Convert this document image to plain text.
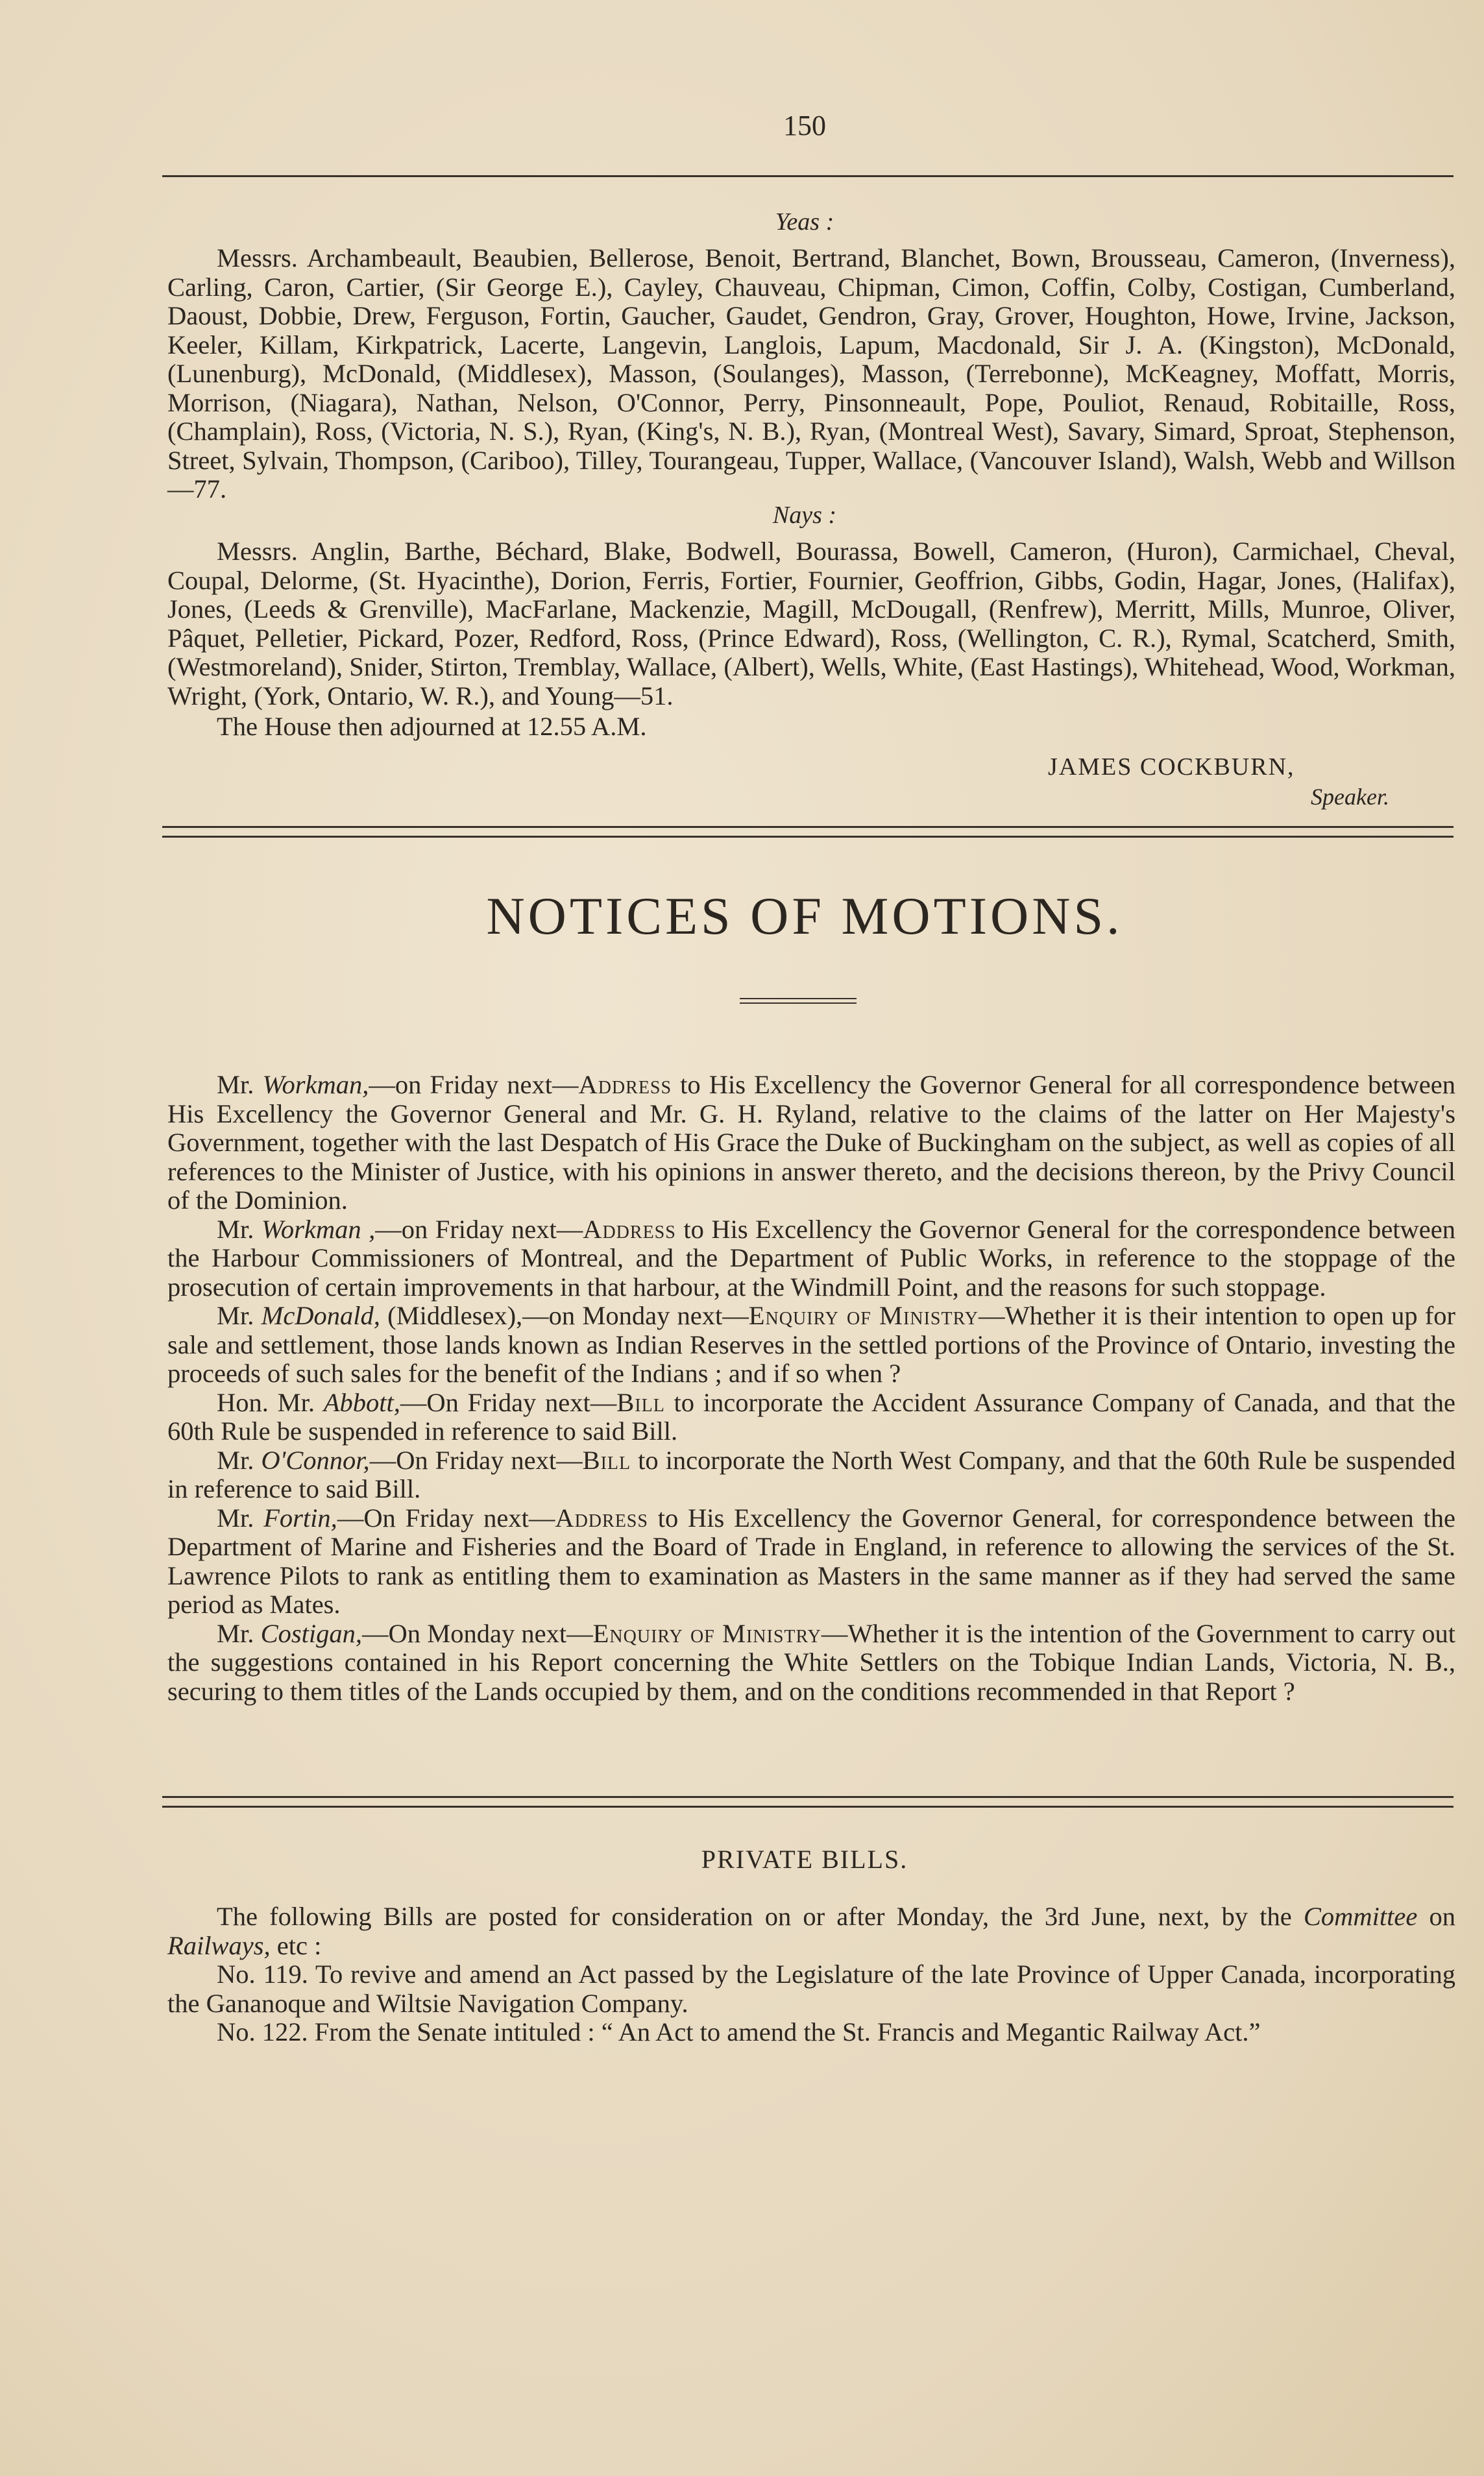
150
Yeas :
Messrs. Archambeault, Beaubien, Bellerose, Benoit, Bertrand, Blanchet, Bown, Brousseau, Cameron, (Inverness), Carling, Caron, Cartier, (Sir George E.), Cayley, Chauveau, Chipman, Cimon, Coffin, Colby, Costigan, Cumberland, Daoust, Dobbie, Drew, Ferguson, Fortin, Gaucher, Gaudet, Gendron, Gray, Grover, Houghton, Howe, Irvine, Jackson, Keeler, Killam, Kirkpatrick, Lacerte, Langevin, Langlois, Lapum, Macdonald, Sir J. A. (Kingston), McDonald, (Lunenburg), McDonald, (Middlesex), Masson, (Soulanges), Masson, (Terrebonne), McKeagney, Moffatt, Morris, Morrison, (Niagara), Nathan, Nelson, O'Connor, Perry, Pinsonneault, Pope, Pouliot, Renaud, Robitaille, Ross, (Champlain), Ross, (Victoria, N. S.), Ryan, (King's, N. B.), Ryan, (Montreal West), Savary, Simard, Sproat, Stephenson, Street, Sylvain, Thompson, (Cariboo), Tilley, Tourangeau, Tupper, Wallace, (Vancouver Island), Walsh, Webb and Willson—77.
Nays :
Messrs. Anglin, Barthe, Béchard, Blake, Bodwell, Bourassa, Bowell, Cameron, (Huron), Carmichael, Cheval, Coupal, Delorme, (St. Hyacinthe), Dorion, Ferris, Fortier, Fournier, Geoffrion, Gibbs, Godin, Hagar, Jones, (Halifax), Jones, (Leeds & Grenville), MacFarlane, Mackenzie, Magill, McDougall, (Renfrew), Merritt, Mills, Munroe, Oliver, Pâquet, Pelletier, Pickard, Pozer, Redford, Ross, (Prince Edward), Ross, (Wellington, C. R.), Rymal, Scatcherd, Smith, (Westmoreland), Snider, Stirton, Tremblay, Wallace, (Albert), Wells, White, (East Hastings), Whitehead, Wood, Workman, Wright, (York, Ontario, W. R.), and Young—51.
The House then adjourned at 12.55 A.M.
JAMES COCKBURN,
Speaker.
NOTICES OF MOTIONS.
Mr. Workman,—on Friday next—Address to His Excellency the Governor General for all correspondence between His Excellency the Governor General and Mr. G. H. Ryland, relative to the claims of the latter on Her Majesty's Government, together with the last Despatch of His Grace the Duke of Buckingham on the subject, as well as copies of all references to the Minister of Justice, with his opinions in answer thereto, and the decisions thereon, by the Privy Council of the Dominion.
Mr. Workman ,—on Friday next—Address to His Excellency the Governor General for the correspondence between the Harbour Commissioners of Montreal, and the Department of Public Works, in reference to the stoppage of the prosecution of certain improvements in that harbour, at the Windmill Point, and the reasons for such stoppage.
Mr. McDonald, (Middlesex),—on Monday next—Enquiry of Ministry—Whether it is their intention to open up for sale and settlement, those lands known as Indian Reserves in the settled portions of the Province of Ontario, investing the proceeds of such sales for the benefit of the Indians ; and if so when ?
Hon. Mr. Abbott,—On Friday next—Bill to incorporate the Accident Assurance Company of Canada, and that the 60th Rule be suspended in reference to said Bill.
Mr. O'Connor,—On Friday next—Bill to incorporate the North West Company, and that the 60th Rule be suspended in reference to said Bill.
Mr. Fortin,—On Friday next—Address to His Excellency the Governor General, for correspondence between the Department of Marine and Fisheries and the Board of Trade in England, in reference to allowing the services of the St. Lawrence Pilots to rank as entitling them to examination as Masters in the same manner as if they had served the same period as Mates.
Mr. Costigan,—On Monday next—Enquiry of Ministry—Whether it is the intention of the Government to carry out the suggestions contained in his Report concerning the White Settlers on the Tobique Indian Lands, Victoria, N. B., securing to them titles of the Lands occupied by them, and on the conditions recommended in that Report ?
PRIVATE BILLS.
The following Bills are posted for consideration on or after Monday, the 3rd June, next, by the Committee on Railways, etc :
No. 119. To revive and amend an Act passed by the Legislature of the late Province of Upper Canada, incorporating the Gananoque and Wiltsie Navigation Company.
No. 122. From the Senate intituled : “ An Act to amend the St. Francis and Megantic Railway Act.”
